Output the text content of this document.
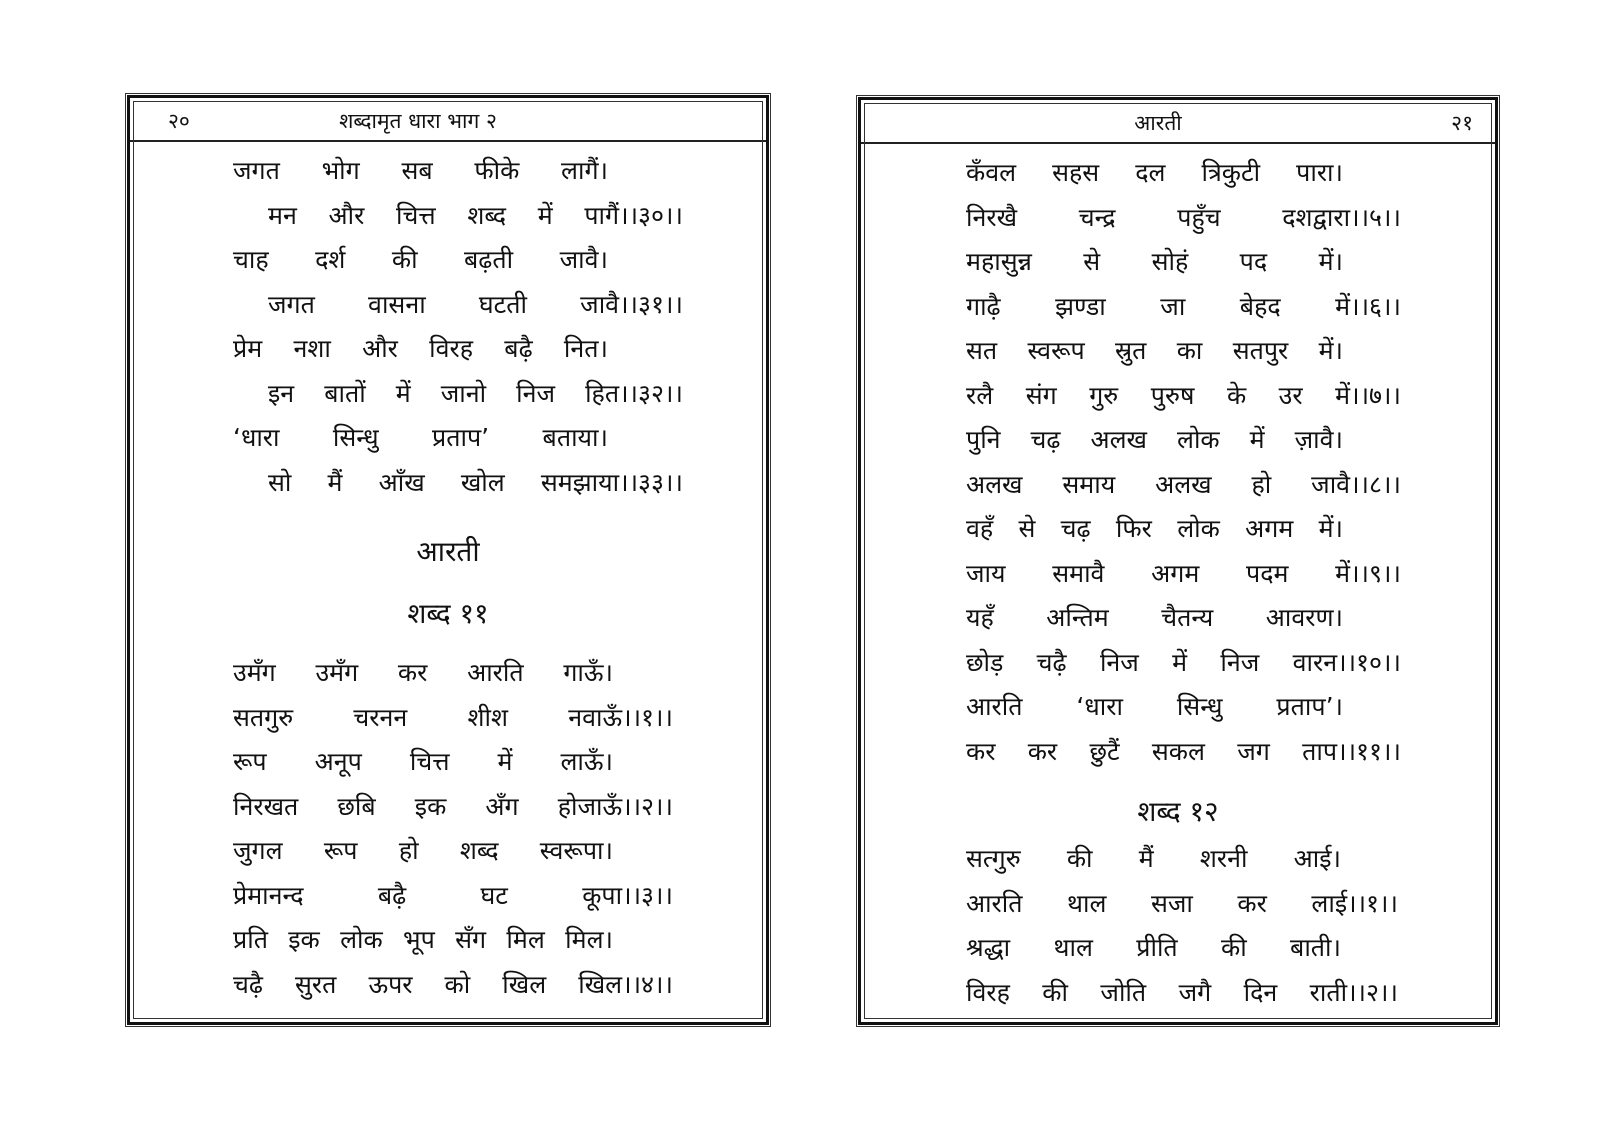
२०	शब्दामृत धारा भाग २
जगत भोग सब फीके लागैं।
मन और चित्त शब्द में पागैं।।३०।।
चाह दर्श की बढ़ती जावै।
जगत वासना घटती जावै।।३१।।
प्रेम नशा और विरह बढ़ै नित।
इन बातों में जानो निज हित।।३२।।
‘धारा सिन्धु प्रताप’ बताया।
सो मैं आँख खोल समझाया।।३३।।
आरती
शब्द ११
उमँग उमँग कर आरति गाऊँ।
सतगुरु चरनन शीश नवाऊँ।।१।।
रूप अनूप चित्त में लाऊँ।
निरखत छबि इक अँग होजाऊँ।।२।।
जुगल रूप हो शब्द स्वरूपा।
प्रेमानन्द बढ़ै घट कूपा।।३।।
प्रति इक लोक भूप सँग मिल मिल।
चढ़ै सुरत ऊपर को खिल खिल।।४।।
आरती	२१
कँवल सहस दल त्रिकुटी पारा।
निरखै चन्द्र पहुँच दशद्वारा।।५।।
महासुन्न से सोहं पद में।
गाढ़ै झण्डा जा बेहद में।।६।।
सत स्वरूप स्रुत का सतपुर में।
रलै संग गुरु पुरुष के उर में।।७।।
पुनि चढ़ अलख लोक में ज़ावै।
अलख समाय अलख हो जावै।।८।।
वहँ से चढ़ फिर लोक अगम में।
जाय समावै अगम पदम में।।९।।
यहँ अन्तिम चैतन्य आवरण।
छोड़ चढ़ै निज में निज वारन।।१०।।
आरति ‘धारा सिन्धु प्रताप’।
कर कर छुटैं सकल जग ताप।।११।।
शब्द १२
सत्गुरु की मैं शरनी आई।
आरति थाल सजा कर लाई।।१।।
श्रद्धा थाल प्रीति की बाती।
विरह की जोति जगै दिन राती।।२।।
